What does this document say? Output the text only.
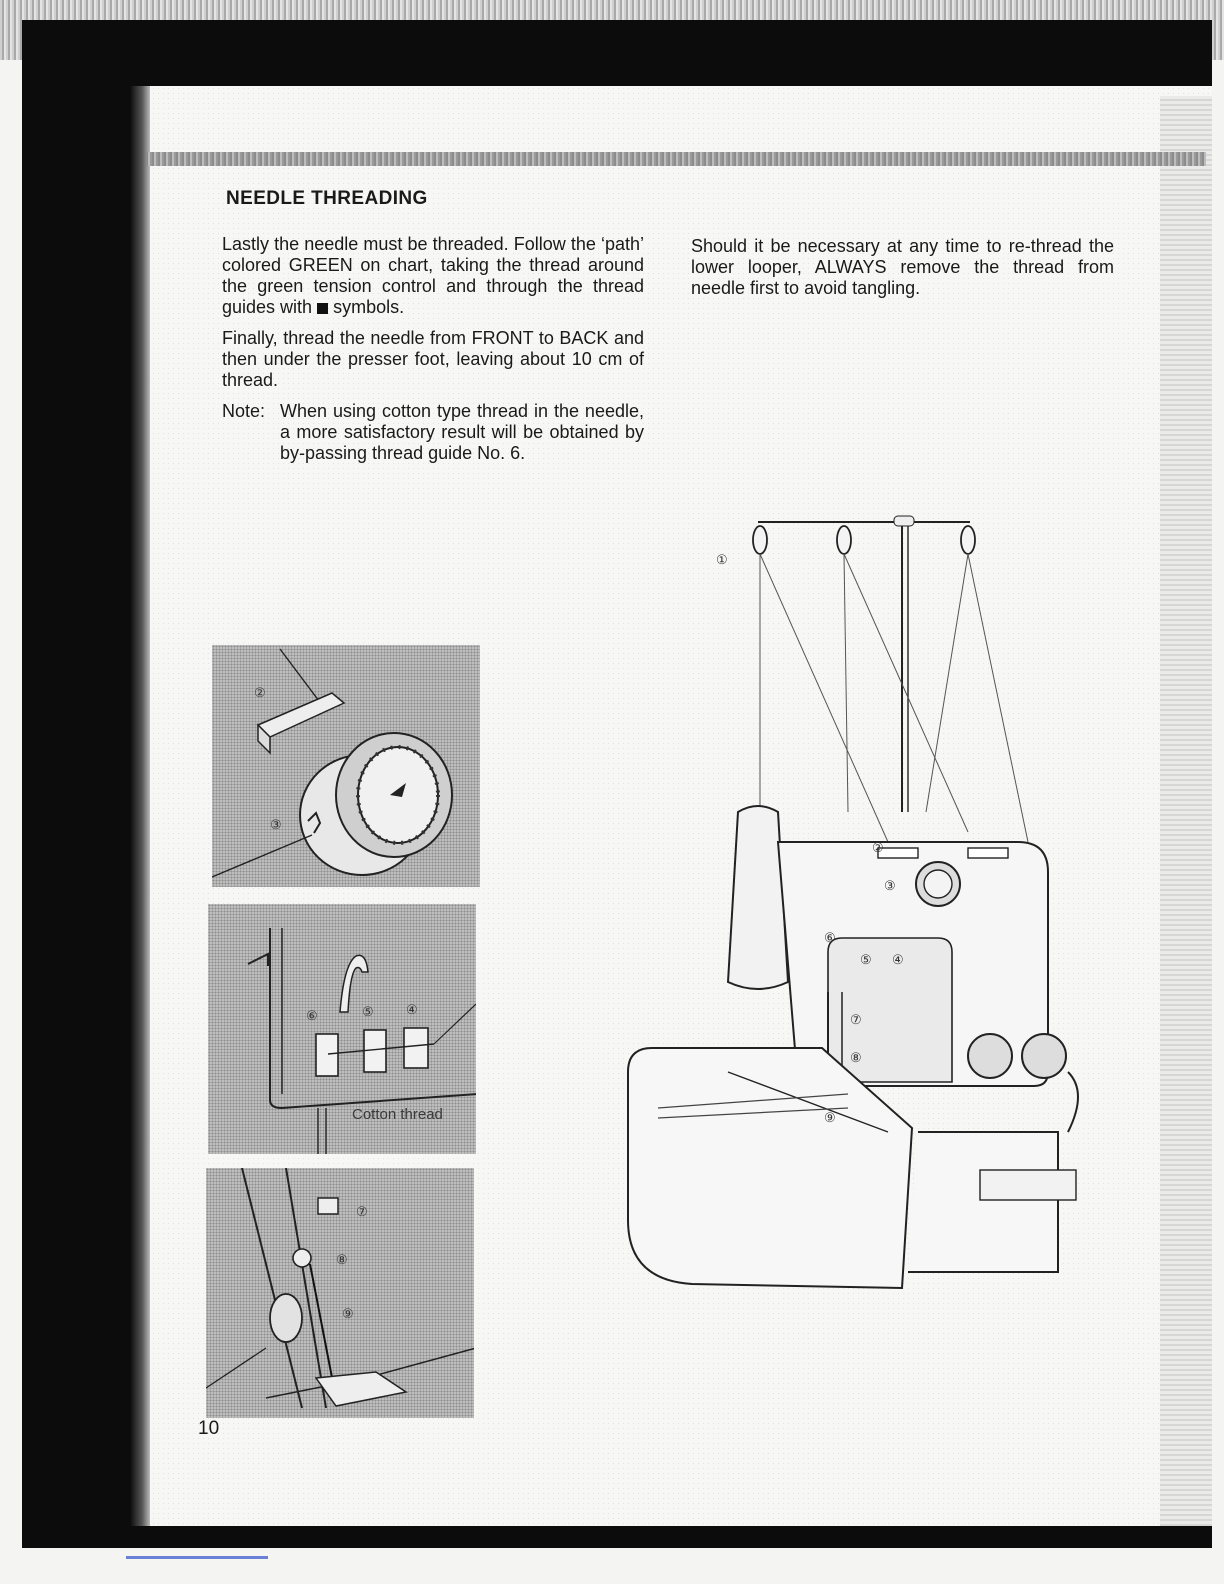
NEEDLE THREADING

Lastly the needle must be threaded. Follow the ‘path’ colored GREEN on chart, taking the thread around the green tension control and through the thread guides with symbols.

Finally, thread the needle from FRONT to BACK and then under the presser foot, leaving about 10 cm of thread.

Note: When using cotton type thread in the needle, a more satisfactory result will be obtained by by-passing thread guide No. 6.

Should it be necessary at any time to re-thread the lower looper, ALWAYS remove the thread from needle first to avoid tangling.

②
③
⑥	⑤ ④
Cotton thread
⑦
⑧
⑨
10
①
②
③
⑥
⑤ ④
⑦
⑧
⑨
